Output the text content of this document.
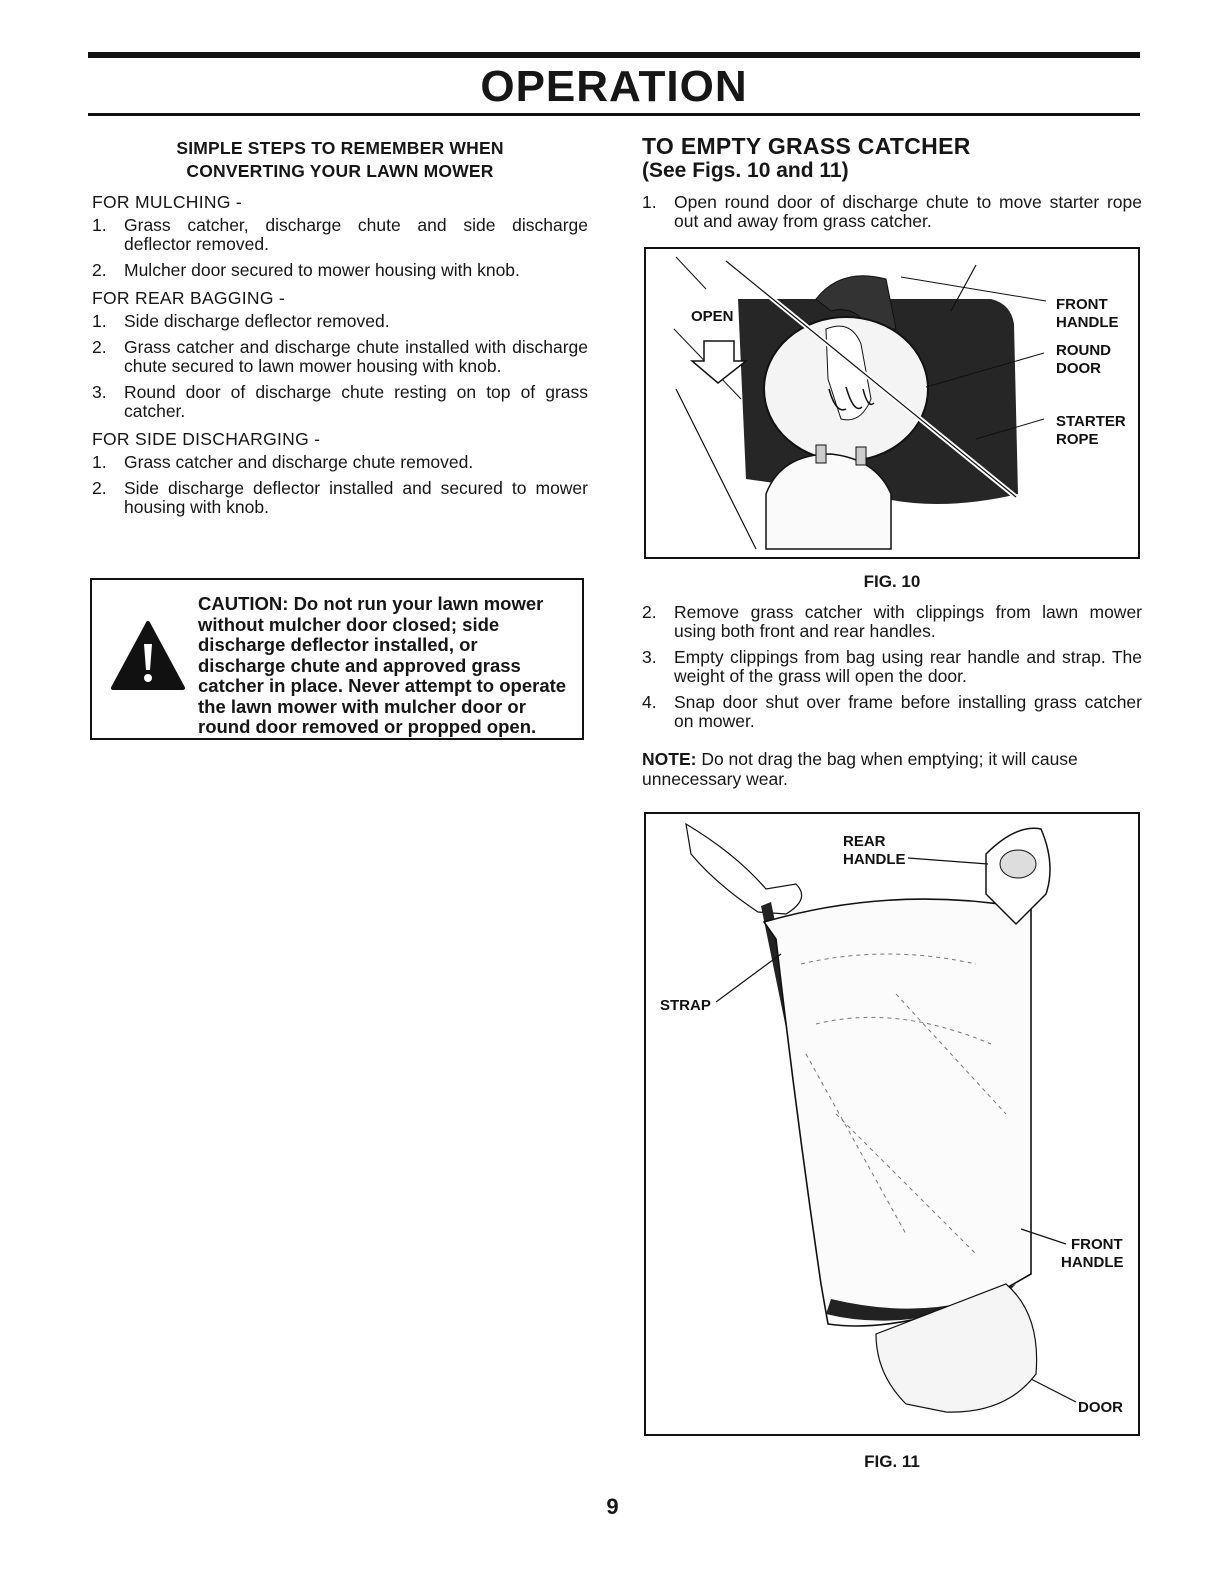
OPERATION
SIMPLE STEPS TO REMEMBER WHEN
CONVERTING YOUR LAWN MOWER
FOR MULCHING -
1. Grass catcher, discharge chute and side discharge deflector removed.
2. Mulcher door secured to mower housing with knob.
FOR REAR BAGGING -
1. Side discharge deflector removed.
2. Grass catcher and discharge chute installed with discharge chute secured to lawn mower housing with knob.
3. Round door of discharge chute resting on top of grass catcher.
FOR SIDE DISCHARGING -
1. Grass catcher and discharge chute removed.
2. Side discharge deflector installed and secured to mower housing with knob.
CAUTION: Do not run your lawn mower without mulcher door closed; side discharge deflector installed, or discharge chute and approved grass catcher in place. Never attempt to operate the lawn mower with mulcher door or round door removed or propped open.
TO EMPTY GRASS CATCHER
(See Figs. 10 and 11)
1. Open round door of discharge chute to move starter rope out and away from grass catcher.
OPEN
FRONT
HANDLE
ROUND
DOOR
STARTER
ROPE
FIG. 10
2. Remove grass catcher with clippings from lawn mower using both front and rear handles.
3. Empty clippings from bag using rear handle and strap. The weight of the grass will open the door.
4. Snap door shut over frame before installing grass catcher on mower.
NOTE: Do not drag the bag when emptying; it will cause unnecessary wear.
REAR
HANDLE
STRAP
FRONT
HANDLE
DOOR
FIG. 11
9
